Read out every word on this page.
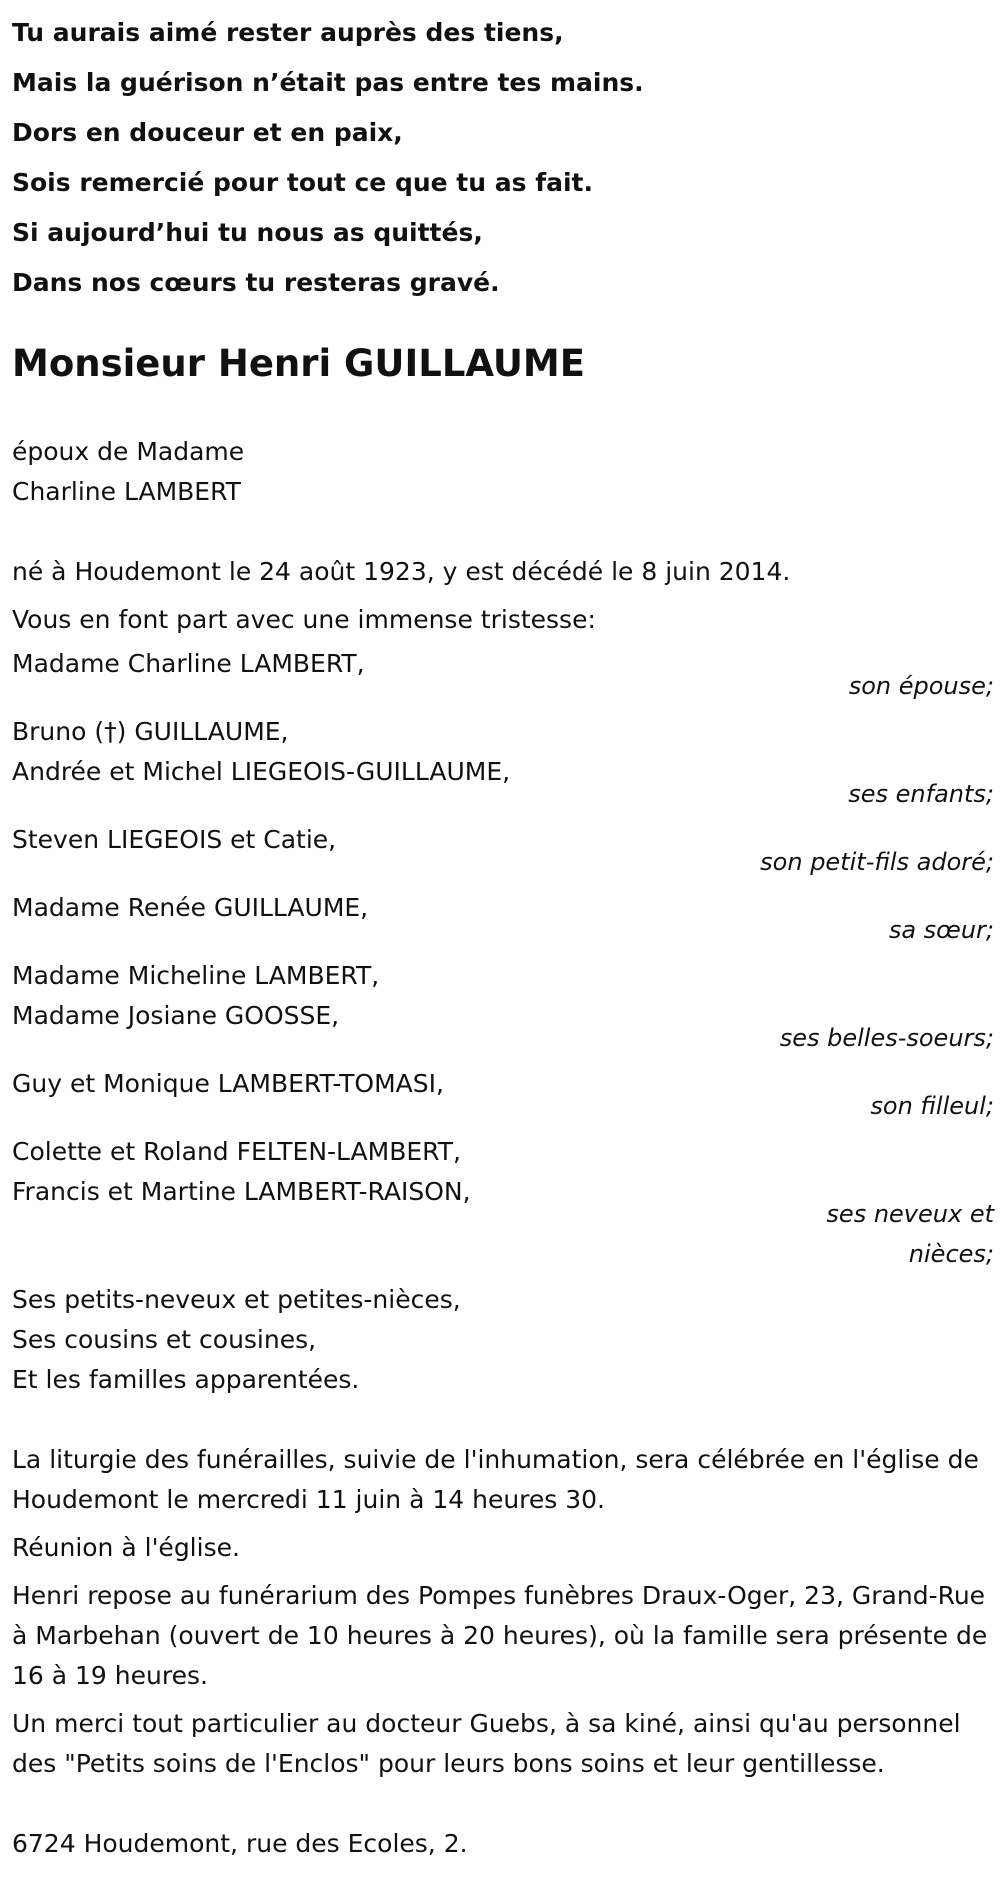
Tu aurais aimé rester auprès des tiens,
Mais la guérison n’était pas entre tes mains.
Dors en douceur et en paix,
Sois remercié pour tout ce que tu as fait.
Si aujourd’hui tu nous as quittés,
Dans nos cœurs tu resteras gravé.
Monsieur Henri GUILLAUME
époux de Madame
Charline LAMBERT
né à Houdemont le 24 août 1923, y est décédé le 8 juin 2014.
Vous en font part avec une immense tristesse:
Madame Charline LAMBERT,
son épouse;
Bruno (†) GUILLAUME,
Andrée et Michel LIEGEOIS-GUILLAUME,
ses enfants;
Steven LIEGEOIS et Catie,
son petit-fils adoré;
Madame Renée GUILLAUME,
sa sœur;
Madame Micheline LAMBERT,
Madame Josiane GOOSSE,
ses belles-soeurs;
Guy et Monique LAMBERT-TOMASI,
son filleul;
Colette et Roland FELTEN-LAMBERT,
Francis et Martine LAMBERT-RAISON,
ses neveux et
nièces;
Ses petits-neveux et petites-nièces,
Ses cousins et cousines,
Et les familles apparentées.
La liturgie des funérailles, suivie de l'inhumation, sera célébrée en l'église de Houdemont le mercredi 11 juin à 14 heures 30.
Réunion à l'église.
Henri repose au funérarium des Pompes funèbres Draux-Oger, 23, Grand-Rue à Marbehan (ouvert de 10 heures à 20 heures), où la famille sera présente de 16 à 19 heures.
Un merci tout particulier au docteur Guebs, à sa kiné, ainsi qu'au personnel des "Petits soins de l'Enclos" pour leurs bons soins et leur gentillesse.
6724 Houdemont, rue des Ecoles, 2.
